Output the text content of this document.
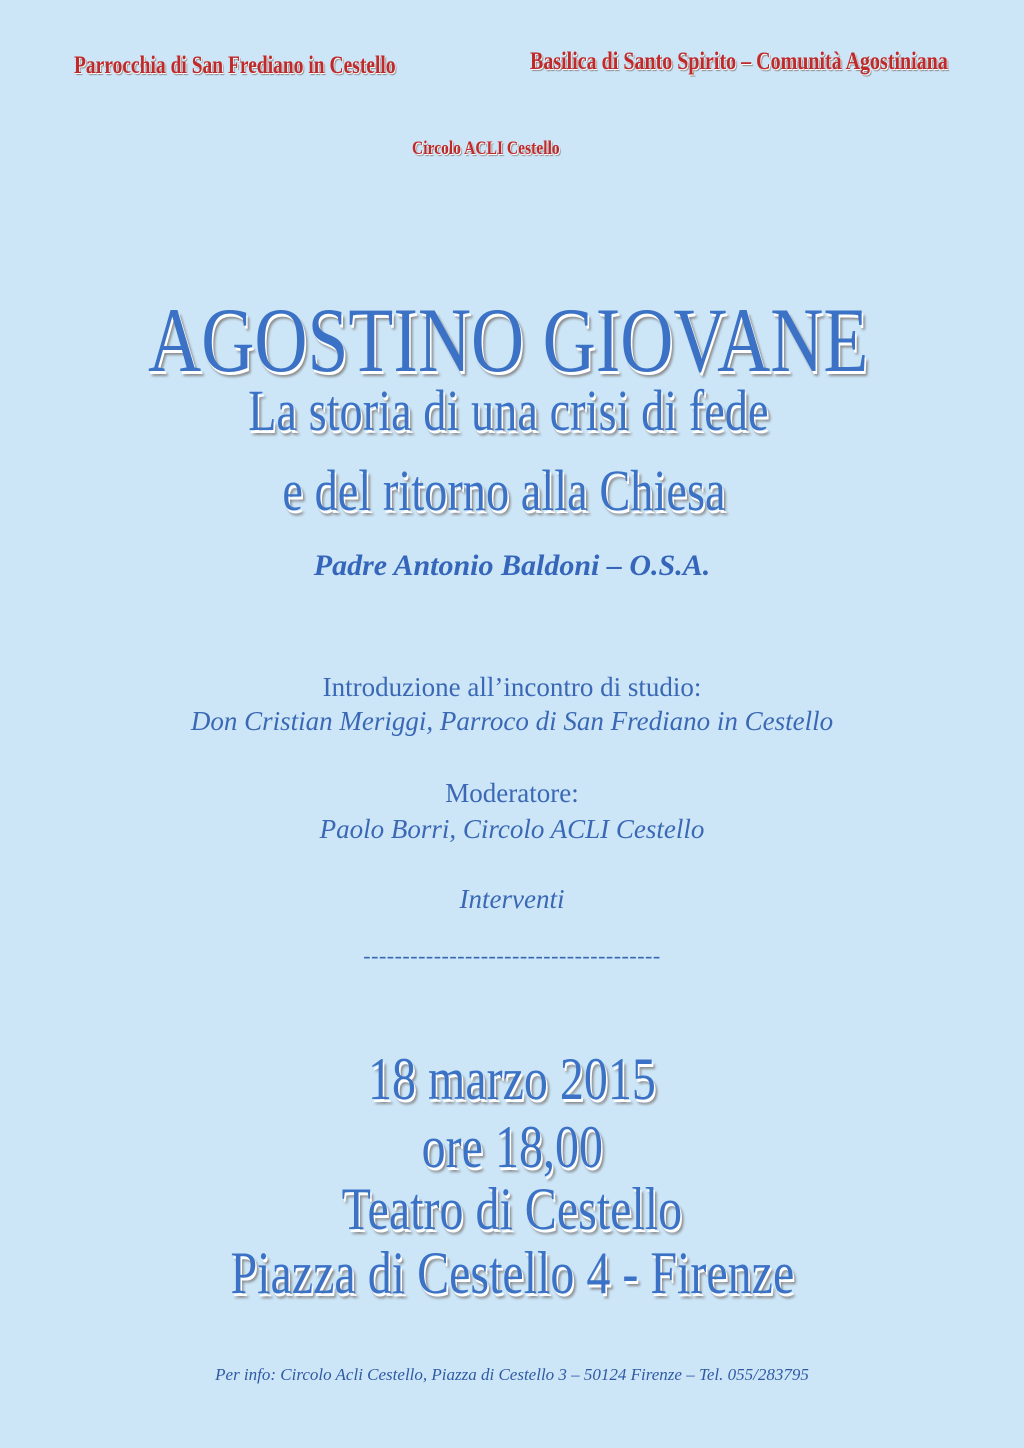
Parrocchia di San Frediano in Cestello	Basilica di Santo Spirito – Comunità Agostiniana
Circolo ACLI Cestello
AGOSTINO GIOVANE
La storia di una crisi di fede
e del ritorno alla Chiesa
Padre Antonio Baldoni – O.S.A.
Introduzione all’incontro di studio:
Don Cristian Meriggi, Parroco di San Frediano in Cestello
Moderatore:
Paolo Borri, Circolo ACLI Cestello
Interventi
--------------------------------------
18 marzo 2015
ore 18,00
Teatro di Cestello
Piazza di Cestello 4 - Firenze
Per info: Circolo Acli Cestello, Piazza di Cestello 3 – 50124 Firenze – Tel. 055/283795
